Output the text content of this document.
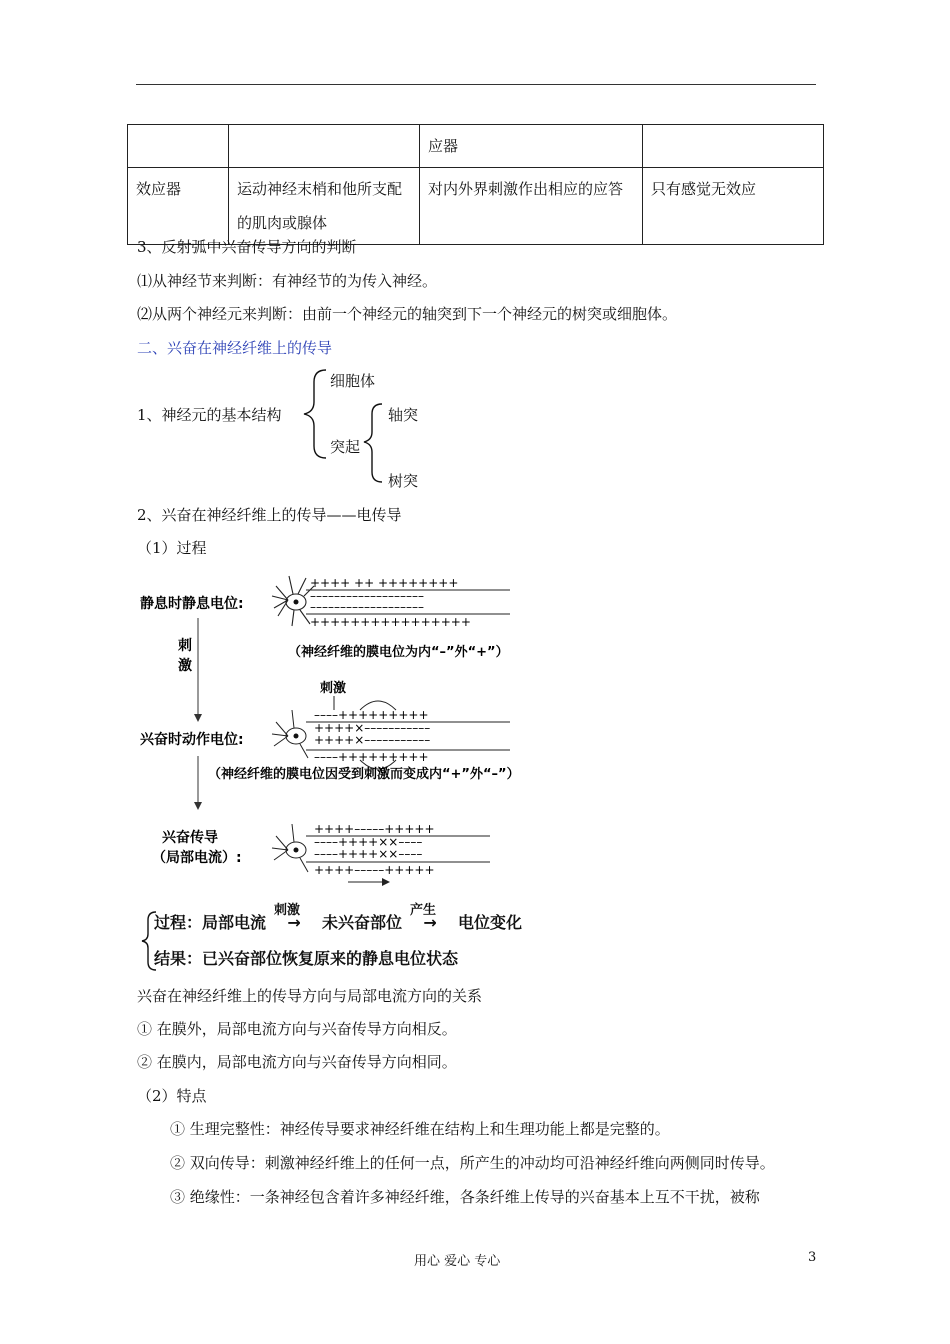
		应器	
效应器	运动神经末梢和他所支配的肌肉或腺体	对内外界刺激作出相应的应答	只有感觉无效应
3、反射弧中兴奋传导方向的判断
⑴从神经节来判断：有神经节的为传入神经。
⑵从两个神经元来判断：由前一个神经元的轴突到下一个神经元的树突或细胞体。
二、兴奋在神经纤维上的传导
1、神经元的基本结构
细胞体
突起
轴突
树突
2、兴奋在神经纤维上的传导——电传导
（1）过程
静息时静息电位:
++++ ++ ++++++++
–––––––––––––––––––
–––––––––––––––––––
++++++++++++++++
刺
激
（神经纤维的膜电位为内“–”外“+”）
刺激
兴奋时动作电位:
––––+++++++++
++++×–––––––––––
++++×–––––––––––
––––+++++++++
（神经纤维的膜电位因受到刺激而变成内“+”外“–”）
兴奋传导
（局部电流）:
++++–––––+++++
––––++++××––––
––––++++××––––
++++–––––+++++
过程：局部电流
刺激
→ 未兴奋部位
产生
→ 电位变化
结果：已兴奋部位恢复原来的静息电位状态
兴奋在神经纤维上的传导方向与局部电流方向的关系
① 在膜外，局部电流方向与兴奋传导方向相反。
② 在膜内，局部电流方向与兴奋传导方向相同。
（2）特点
① 生理完整性：神经传导要求神经纤维在结构上和生理功能上都是完整的。
② 双向传导：刺激神经纤维上的任何一点，所产生的冲动均可沿神经纤维向两侧同时传导。
③ 绝缘性：一条神经包含着许多神经纤维，各条纤维上传导的兴奋基本上互不干扰，被称
用心 爱心 专心	3
